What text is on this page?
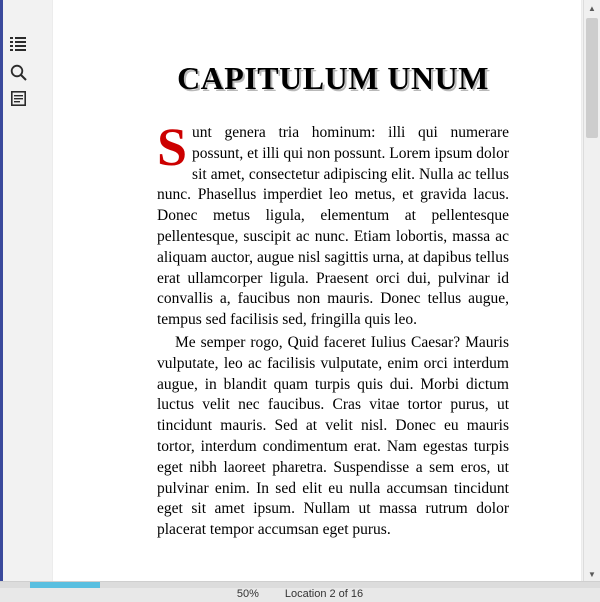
CAPITULUM UNUM

Sunt genera tria hominum: illi qui numerare possunt, et illi qui non possunt. Lorem ipsum dolor sit amet, consectetur adipiscing elit. Nulla ac tellus nunc. Phasellus imperdiet leo metus, et gravida lacus. Donec metus ligula, elementum at pellentesque pellentesque, suscipit ac nunc. Etiam lobortis, massa ac aliquam auctor, augue nisl sagittis urna, at dapibus tellus erat ullamcorper ligula. Praesent orci dui, pulvinar id convallis a, faucibus non mauris. Donec tellus augue, tempus sed facilisis sed, fringilla quis leo.

Me semper rogo, Quid faceret Iulius Caesar? Mauris vulputate, leo ac facilisis vulputate, enim orci interdum augue, in blandit quam turpis quis dui. Morbi dictum luctus velit nec faucibus. Cras vitae tortor purus, ut tincidunt mauris. Sed at velit nisl. Donec eu mauris tortor, interdum condimentum erat. Nam egestas turpis eget nibh laoreet pharetra. Suspendisse a sem eros, ut pulvinar enim. In sed elit eu nulla accumsan tincidunt eget sit amet ipsum. Nullam ut massa rutrum dolor placerat tempor accumsan eget purus.

▲
▼
50% Location 2 of 16
